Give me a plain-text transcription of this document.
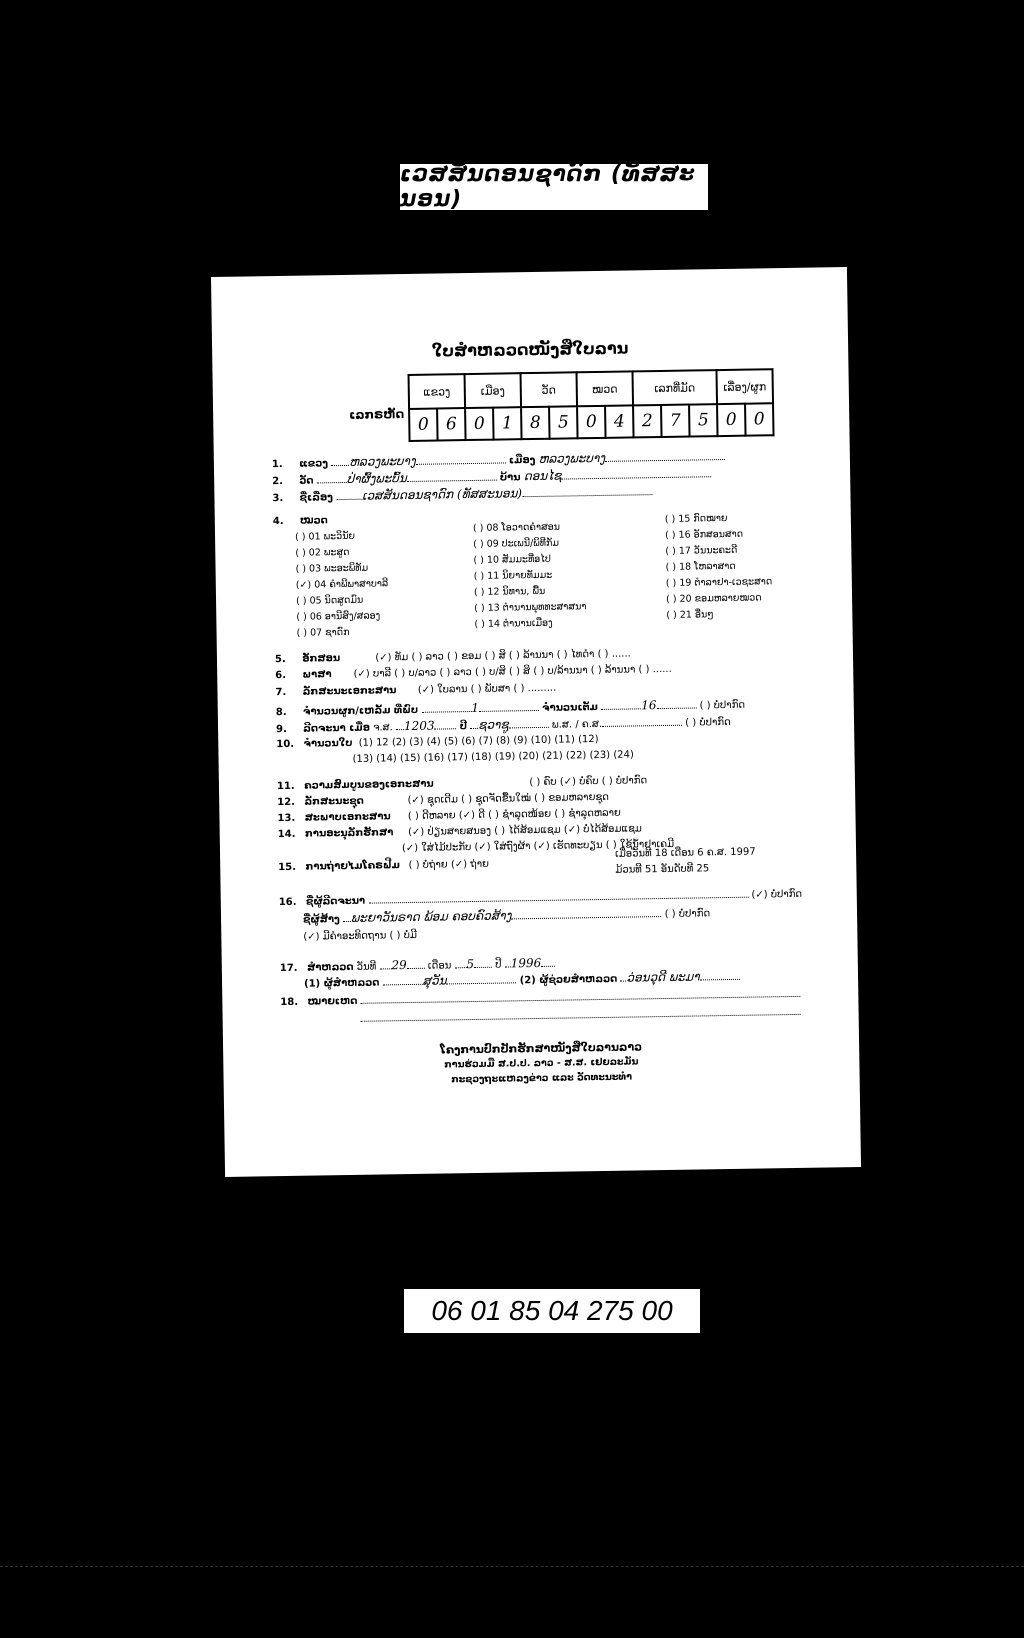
ເວສສັນດອນຊາດົກ (ທັສສະນອນ)
ໃບສຳຫລວດໜັງສືໃບລານ
ເລກຣຫັດ
ແຂວງ		ເມືອງ		ວັດ		ໝວດ		ເລກທີ່ມັດ			ເລື່ອງ/ຜູກ	
0	6	0	1	8	5	0	4	2	7	5	0	0
1. ແຂວງ ຫລວງພະບາງ	ເມືອງ ຫລວງພະບາງ
2. ວັດ	ປ່າຜົ້ງພະບົ້ນ	ບ້ານ ດອນໄຊ
3. ຊື່ເລື່ອງ ເວສສັນດອນຊາດົກ (ທັສສະນອນ)
4. ໝວດ
( ) 01 ພະວິນັຍ
( ) 02 ພະສູດ
( ) 03 ພະອະພິທັມ
(✓) 04 ຄຳພີພາສາບາລີ
( ) 05 ນິດສູດມົນ
( ) 06 ອານີສົງ/ສລອງ
( ) 07 ຊາດົກ
( ) 08 ໂອວາດຄຳສອນ
( ) 09 ປະເພນີ/ພິທີກັມ
( ) 10 ສັມມະທີ່ອໄປ
( ) 11 ນິຍາຍທັມມະ
( ) 12 ນິທານ, ພື້ນ
( ) 13 ຕຳນານພຸທທະສາສນາ
( ) 14 ຕຳນານເມືອງ
( ) 15 ກົດໝາຍ
( ) 16 ອັກສອນສາດ
( ) 17 ວັນນະຄະດີ
( ) 18 ໂຫລາສາດ
( ) 19 ຕຳລາຢາ-ເວຊະສາດ
( ) 20 ຂອມຫລາຍໝວດ
( ) 21 ອື່ນໆ
5. ອັກສອນ	(✓) ທັມ ( ) ລາວ ( ) ຂອມ ( ) ສິ ( ) ລ້ານນາ ( ) ໄທດຳ ( ) ......
6. ພາສາ (✓) ບາລີ ( ) ບ/ລາວ ( ) ລາວ ( ) ບ/ສິ ( ) ສິ ( ) ບ/ລ້ານນາ ( ) ລ້ານນາ ( ) ......
7. ລັກສະນະເອກະສານ (✓) ໃບລານ ( ) ພັບສາ ( ) .........
8. ຈຳນວນຜູກ/ເຫລັ້ມ ທີ່ພົບ	1	ຈຳນວນເຕັມ	16	( ) ບໍ່ປາກົດ
9. ລີດຈະນາ ເມື່ອ ຈ.ສ. 1203	ປີ ຊວາຊູ	ພ.ສ. / ຄ.ສ.	( ) ບໍ່ປາກົດ
10. ຈຳນວນໃບ (1) 12 (2) (3) (4) (5) (6) (7) (8) (9) (10) (11) (12)
(13) (14) (15) (16) (17) (18) (19) (20) (21) (22) (23) (24)
11. ຄວາມສົມບູນຂອງເອກະສານ	( ) ຄົບ (✓) ບໍ່ຄົບ ( ) ບໍ່ປາກົດ
12. ລັກສະນະຊຸດ	(✓) ຊຸດເດີມ ( ) ຊຸດຈັດຂື້ນໃໝ່ ( ) ຂອມຫລາຍຊຸດ
13. ສະພາບເອກະສານ ( ) ດີຫລາຍ (✓) ດີ ( ) ຊຳລຸດໜ້ອຍ ( ) ຊຳລຸດຫລາຍ
14. ການອະນຸລັກຮັກສາ (✓) ປ່ຽນສາຍສນອງ ( ) ໄດ້ສ້ອມແຊມ (✓) ບໍ່ໄດ້ສ້ອມແຊມ
(✓) ໃສ່ໄມ້ປະກັບ (✓) ໃສ່ຖົງຜ້າ (✓) ເຮັດທະບຽນ ( ) ໃຊ້ນ້ຳຢາເຄມີ
15. ການຖ່າຍໄມໂຄຣຟີມ ( ) ບໍ່ຖ່າຍ (✓) ຖ່າຍ
ເມື່ອວັນທີ 18 ເດືອນ 6 ຄ.ສ. 1997
ມ້ວນທີ 51 ອັນດັບທີ 25
16. ຊື່ຜູ້ລີດຈະນາ  (✓) ບໍ່ປາກົດ
ຊື່ຜູ້ສ້າງ ພະຍາວັນຣາດ ພ້ອມ ຄອບຄົວສ້າງ	( ) ບໍ່ປາກົດ
(✓) ມີຄຳອະທິດຖານ ( ) ບໍ່ມີ
17. ສຳຫລວດ ວັນທີ 29 ເດືອນ 5 ປີ 1996
(1) ຜູ້ສຳຫລວດ	ສຸວັນ	(2) ຜູ້ຊ່ວຍສຳຫລວດ ວ່ອນວຸດີ ພະມາ
18. ໝາຍເຫດ
ໂຄງການປົກປັກຮັກສາໜັງສືໃບລານລາວ
ການຮ່ວມມື ສ.ປ.ປ. ລາວ - ສ.ສ. ເຢຍລະມັນ
ກະຊວງຖະແຫລງຂ່າວ ແລະ ວັດທະນະທຳ
06 01 85 04 275 00
